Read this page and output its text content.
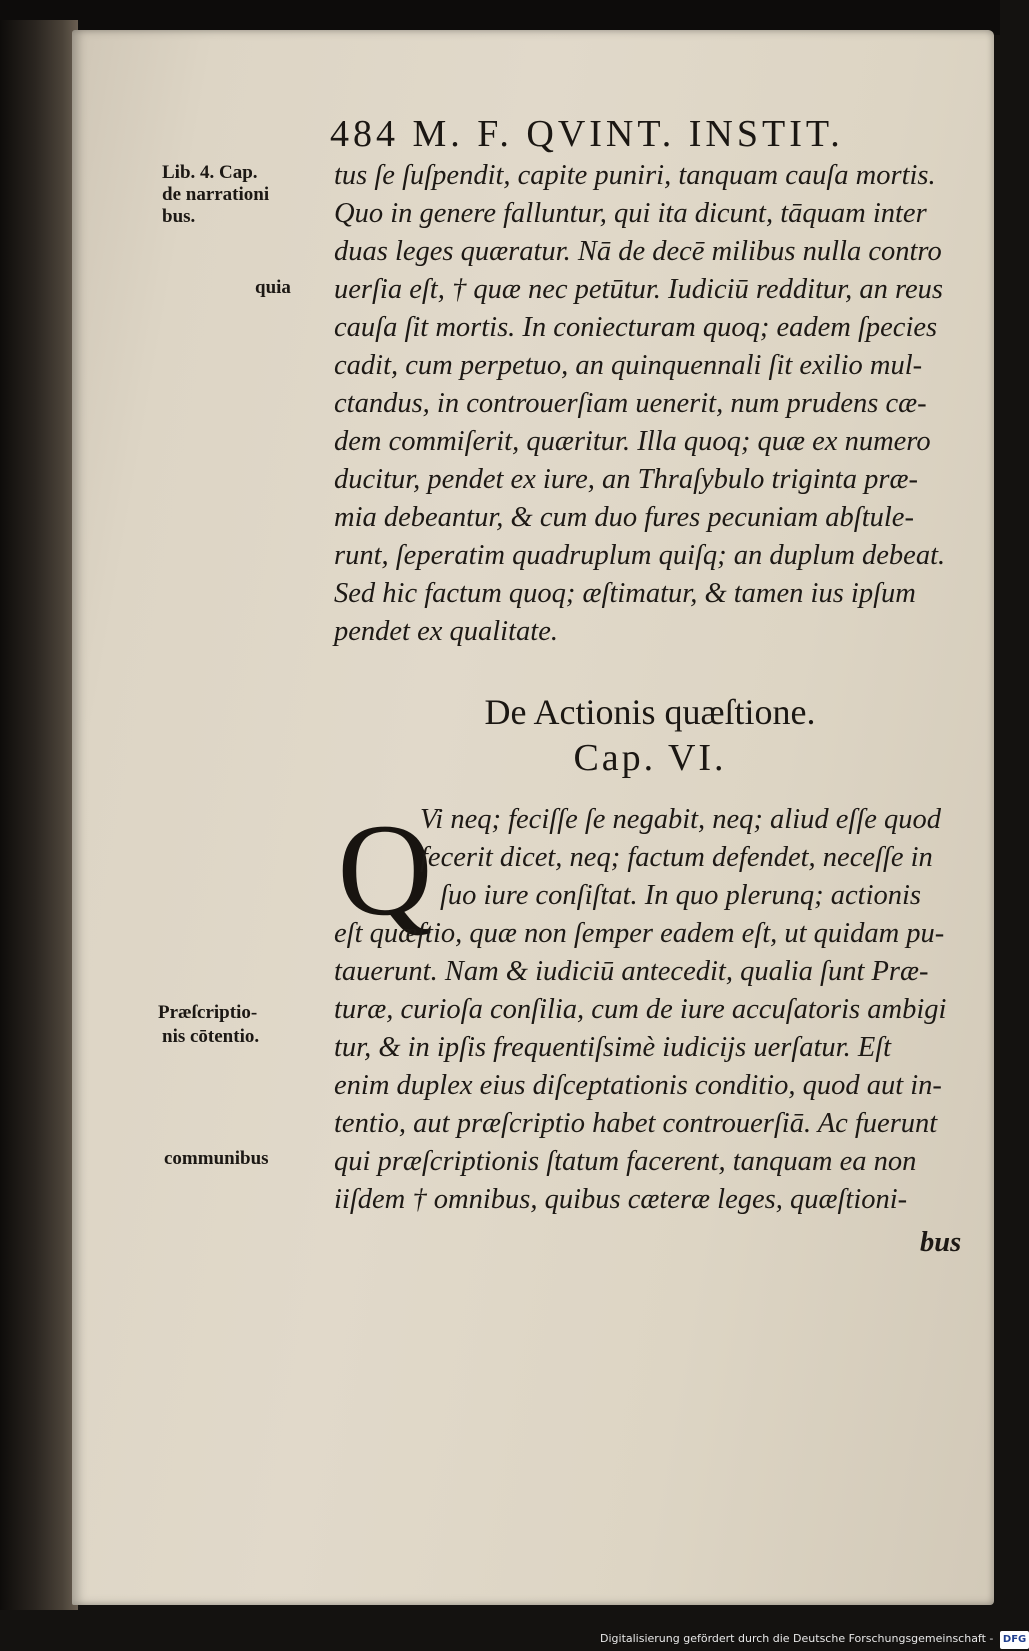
484 M. F. QVINT. INSTIT.
Lib. 4. Cap.
de narrationi
bus.
quia
Præſcriptio-
nis cōtentio.
communibus
tus ſe ſuſpendit, capite puniri, tanquam cauſa mortis.
Quo in genere falluntur, qui ita dicunt, tāquam inter
duas leges quæratur. Nā de decē milibus nulla contro
uerſia eſt, † quæ nec petūtur. Iudiciū redditur, an reus
cauſa ſit mortis. In coniecturam quoq; eadem ſpecies
cadit, cum perpetuo, an quinquennali ſit exilio mul-
ctandus, in controuerſiam uenerit, num prudens cæ-
dem commiſerit, quæritur. Illa quoq; quæ ex numero
ducitur, pendet ex iure, an Thraſybulo triginta præ-
mia debeantur, & cum duo fures pecuniam abſtule-
runt, ſeperatim quadruplum quiſq; an duplum debeat.
Sed hic factum quoq; æſtimatur, & tamen ius ipſum
pendet ex qualitate.
De Actionis quæſtione.
Cap. VI.
Q
Vi neq; feciſſe ſe negabit, neq; aliud eſſe quod
fecerit dicet, neq; factum defendet, neceſſe in
ſuo iure conſiſtat. In quo plerunq; actionis
eſt quæſtio, quæ non ſemper eadem eſt, ut quidam pu-
tauerunt. Nam & iudiciū antecedit, qualia ſunt Præ-
turæ, curioſa conſilia, cum de iure accuſatoris ambigi
tur, & in ipſis frequentiſsimè iudicijs uerſatur. Eſt
enim duplex eius diſceptationis conditio, quod aut in-
tentio, aut præſcriptio habet controuerſiā. Ac fuerunt
qui præſcriptionis ſtatum facerent, tanquam ea non
iiſdem † omnibus, quibus cæteræ leges, quæſtioni-
bus
Digitalisierung gefördert durch die Deutsche Forschungsgemeinschaft - DFG
